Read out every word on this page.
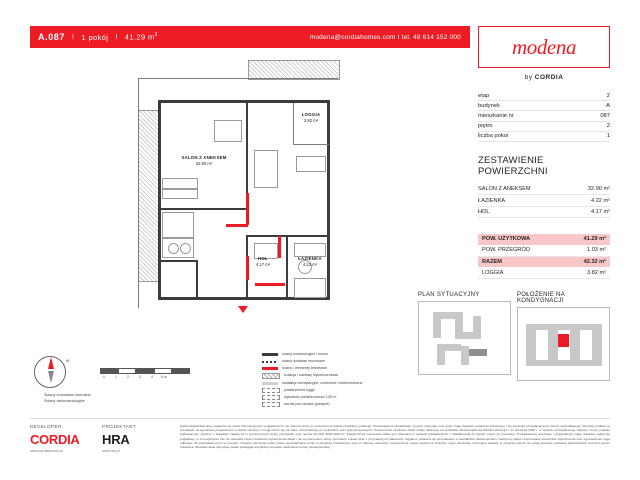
A.087	I 1 pokój	I 41.29 $m^2$	modena@cordiahomes.com I tel. 48 614 152 000	modena
by CORDIA
etap	2
budynek	A
mieszkanie nr	087
piętro	2
liczba pokoi	1
ZESTAWIENIE POWIERZCHNI
SALON Z ANEKSEM	32.90 m²
ŁAZIENKA	4.22 m²
HOL	4.17 m²
POW. UŻYTKOWA	41.29 m²
POW. PRZEGRÓD	1.03 m²
RAZEM	42.32 m²
LOGGIA	3.82 m²
PLAN SYTUACYJNY	POŁOŻENIE NA KONDYGNACJI
LOGGIA
3.82 m²
SALON Z ANEKSEM
32.90 m²
HOL
4.17 m²
ŁAZIENKA
4.22 m²
ściany konstrukcyjne / nośne
ściany działowe murowane
ściany / elementy żelbetowe
izolacja / warstwy wykończeniowe
instalacje wentylacyjne, kominowe i teletechniczne
powierzchnia loggii
wysokość pomieszczenia 2.65 m
wzrost pod oknami (parapet)
0	1	2	3	4	5 m
N
Ściany murowane nienośne
Ściany niekonstrukcyjne
DEVELOPER	PROJEKTANT
CORDIA
www.cordiahomes.pl
HRA
www.hra.pl
Karta lokalu/lokali służy wyłącznie do celów informacyjnych i poglądowych i nie stanowi oferty w rozumieniu przepisów Kodeksu cywilnego. Przedstawione wizualizacje, rysunki, schematy oraz opisy mają charakter wyłącznie ilustracyjny i nie stanowią zobowiązania po stronie sprzedającego. Wymiary podane na rysunkach są wymiarami projektowymi w stanie surowym i mogą różnić się od stanu rzeczywistego po wykonaniu prac wykończeniowych. Powierzchnie użytkowe lokali zostały obliczone na podstawie Rozporządzenia Ministra Rozwoju z 11 września 2020 r. w sprawie szczegółowego zakresu i formy projektu budowlanego, zgodnie z zasadami zawartymi w przytoczonych wyżej przepisach oraz normie PN-ISO 9836:2022-07. Powierzchnia wykonania lokalu jest obliczana w metrach kwadratowych z dokładnością do dwóch miejsc po przecinku. Przedstawione aranżacje i wyposażenie mają charakter wyłącznie poglądowy, w szczególności zaś nie stanowią części standardu wykończenia lokalu i nie są elementem oferty sprzedaży. Lokale wraz z przynależnymi balkonami, loggiami i tarasami są sprzedawane w standardzie deweloperskim. Faktyczny układ i usytuowanie elementów wykończenia oraz wyposażenia mogą odbiegać od przedstawionych na rysunku. Inwestor zastrzega sobie prawo wprowadzania zmian w projekcie budowlanym oraz w zakresie aranżacji i wykończenia części wspólnych budynku i jego otoczenia. Informacje zawarte w niniejszej karcie nie mogą stanowić podstawy jakichkolwiek roszczeń wobec Inwestora. Wszelkie dane dotyczące lokalu podlegają weryfikacji na etapie zawierania umowy deweloperskiej.
